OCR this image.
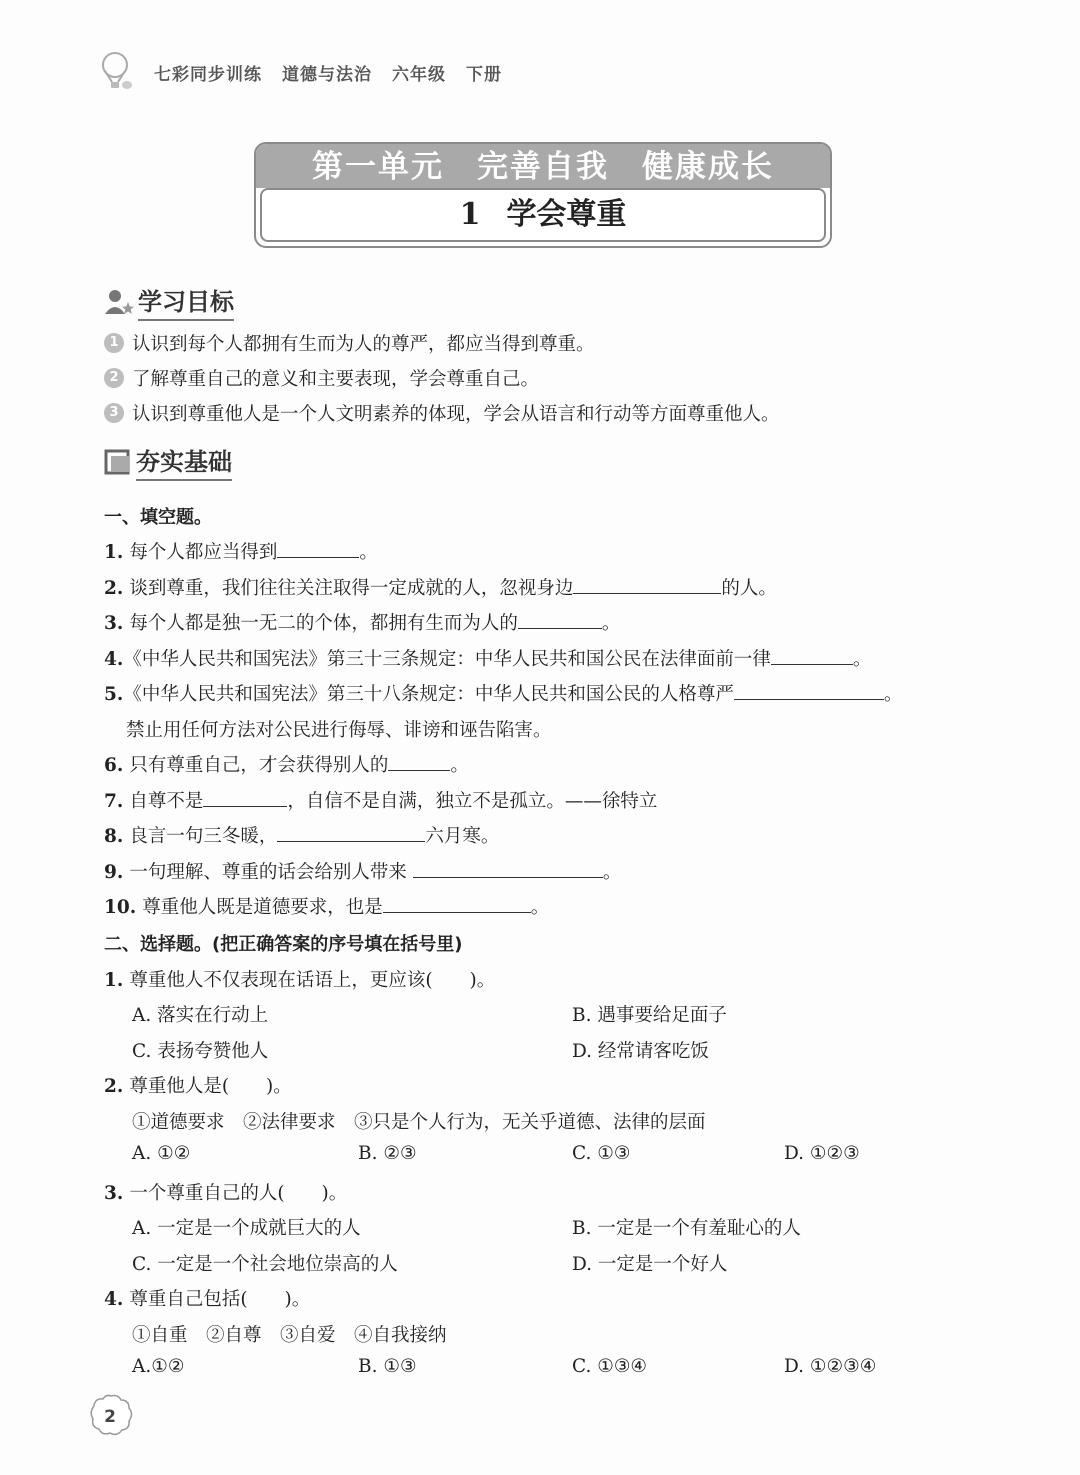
七彩同步训练 道德与法治 六年级 下册
第一单元　完善自我　健康成长
1 学会尊重
学习目标
1 认识到每个人都拥有生而为人的尊严，都应当得到尊重。
2 了解尊重自己的意义和主要表现，学会尊重自己。
3 认识到尊重他人是一个人文明素养的体现，学会从语言和行动等方面尊重他人。
夯实基础
一、填空题。
1. 每个人都应当得到	。
2. 谈到尊重，我们往往关注取得一定成就的人，忽视身边	的人。
3. 每个人都是独一无二的个体，都拥有生而为人的	。
4.《中华人民共和国宪法》第三十三条规定：中华人民共和国公民在法律面前一律	。
5.《中华人民共和国宪法》第三十八条规定：中华人民共和国公民的人格尊严	。
禁止用任何方法对公民进行侮辱、诽谤和诬告陷害。
6. 只有尊重自己，才会获得别人的	。
7. 自尊不是	，自信不是自满，独立不是孤立。——徐特立
8. 良言一句三冬暖，	六月寒。
9. 一句理解、尊重的话会给别人带来	。
10. 尊重他人既是道德要求，也是	。
二、选择题。(把正确答案的序号填在括号里)
1. 尊重他人不仅表现在话语上，更应该(　　)。
A. 落实在行动上	B. 遇事要给足面子
C. 表扬夸赞他人	D. 经常请客吃饭
2. 尊重他人是(　　)。
①道德要求　②法律要求　③只是个人行为，无关乎道德、法律的层面
A. ①②	B. ②③	C. ①③	D. ①②③
3. 一个尊重自己的人(　　)。
A. 一定是一个成就巨大的人	B. 一定是一个有羞耻心的人
C. 一定是一个社会地位崇高的人	D. 一定是一个好人
4. 尊重自己包括(　　)。
①自重　②自尊　③自爱　④自我接纳
A.①②	B. ①③	C. ①③④	D. ①②③④
2
